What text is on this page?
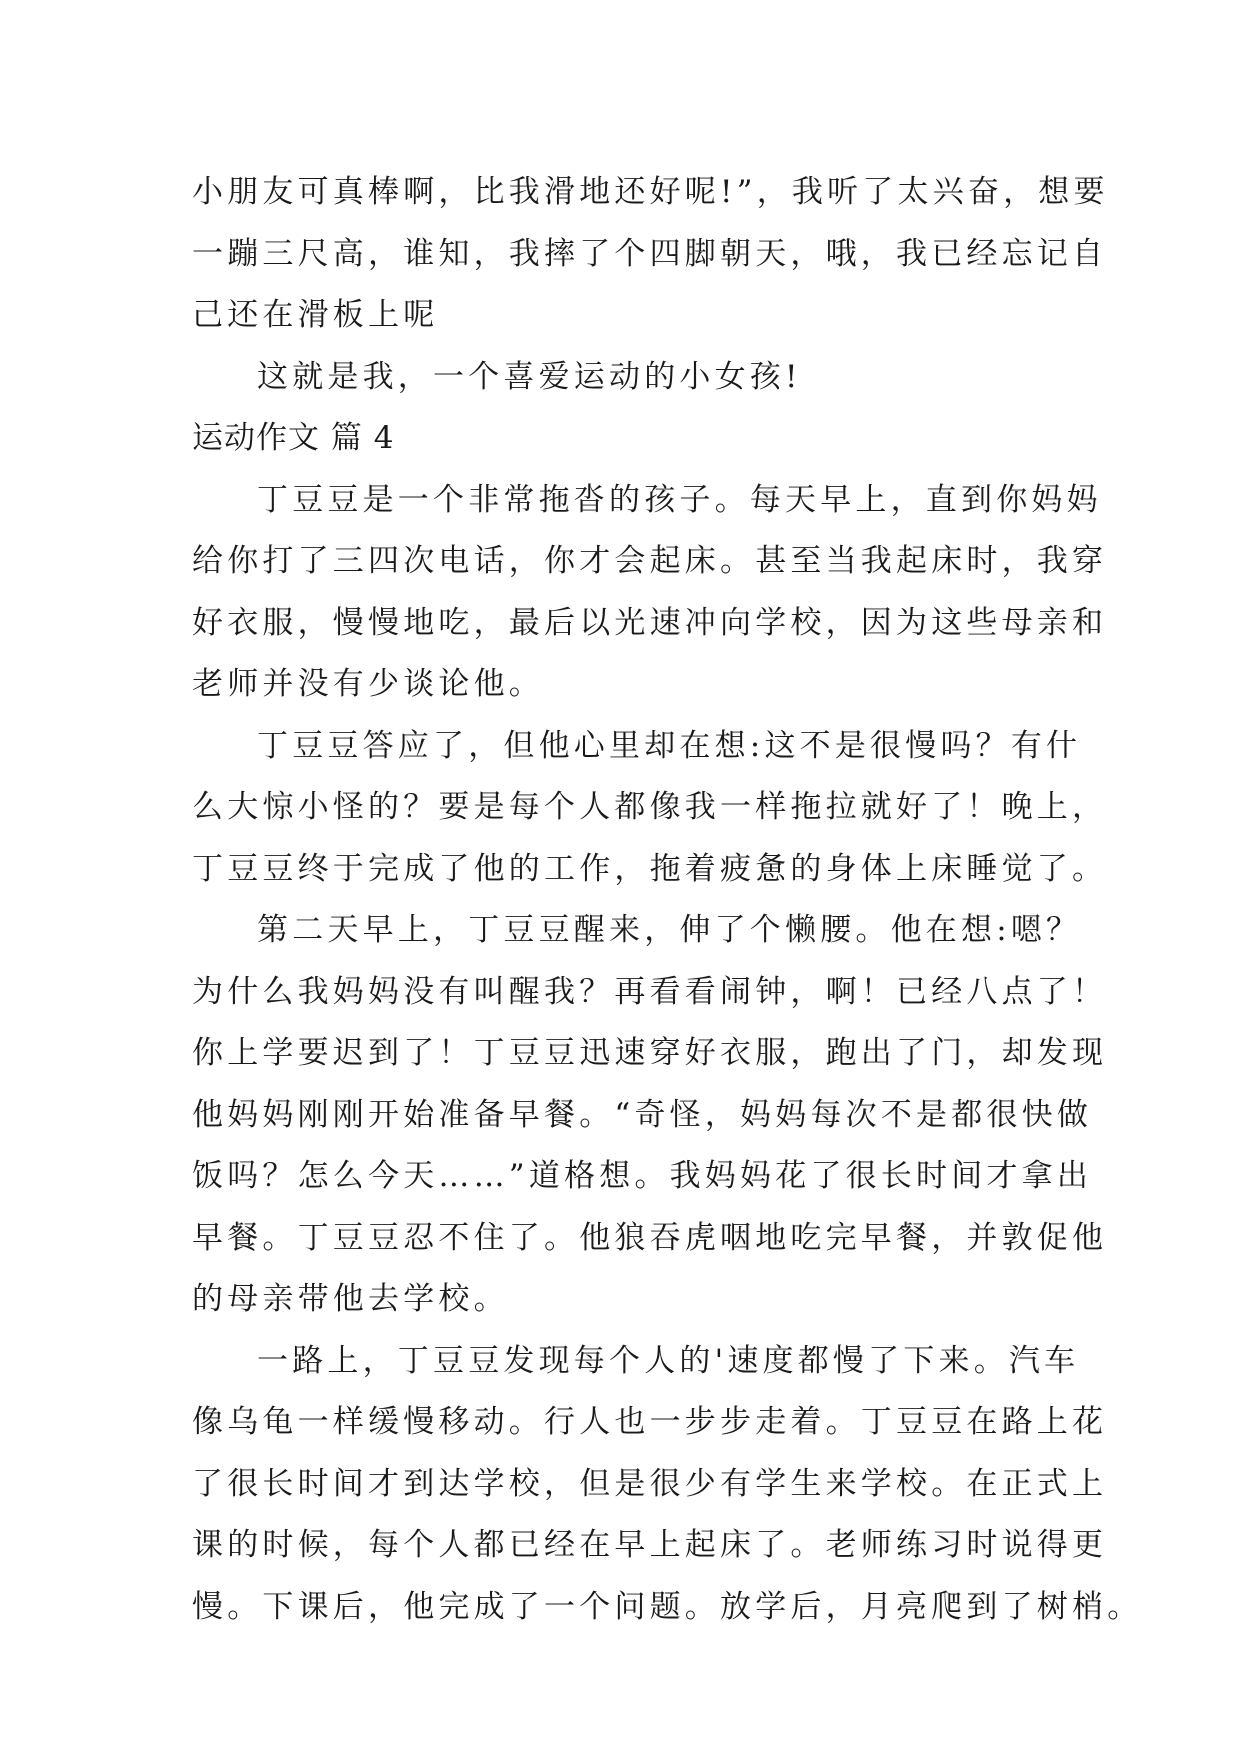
小朋友可真棒啊，比我滑地还好呢!”，我听了太兴奋，想要
一蹦三尺高，谁知，我摔了个四脚朝天，哦，我已经忘记自
己还在滑板上呢
这就是我，一个喜爱运动的小女孩!
运动作文 篇 4
丁豆豆是一个非常拖沓的孩子。每天早上，直到你妈妈
给你打了三四次电话，你才会起床。甚至当我起床时，我穿
好衣服，慢慢地吃，最后以光速冲向学校，因为这些母亲和
老师并没有少谈论他。
丁豆豆答应了，但他心里却在想:这不是很慢吗？有什
么大惊小怪的？要是每个人都像我一样拖拉就好了！晚上，
丁豆豆终于完成了他的工作，拖着疲惫的身体上床睡觉了。
第二天早上，丁豆豆醒来，伸了个懒腰。他在想:嗯？
为什么我妈妈没有叫醒我？再看看闹钟，啊！已经八点了！
你上学要迟到了！丁豆豆迅速穿好衣服，跑出了门，却发现
他妈妈刚刚开始准备早餐。“奇怪，妈妈每次不是都很快做
饭吗？怎么今天……”道格想。我妈妈花了很长时间才拿出
早餐。丁豆豆忍不住了。他狼吞虎咽地吃完早餐，并敦促他
的母亲带他去学校。
一路上，丁豆豆发现每个人的'速度都慢了下来。汽车
像乌龟一样缓慢移动。行人也一步步走着。丁豆豆在路上花
了很长时间才到达学校，但是很少有学生来学校。在正式上
课的时候，每个人都已经在早上起床了。老师练习时说得更
慢。下课后，他完成了一个问题。放学后，月亮爬到了树梢。
